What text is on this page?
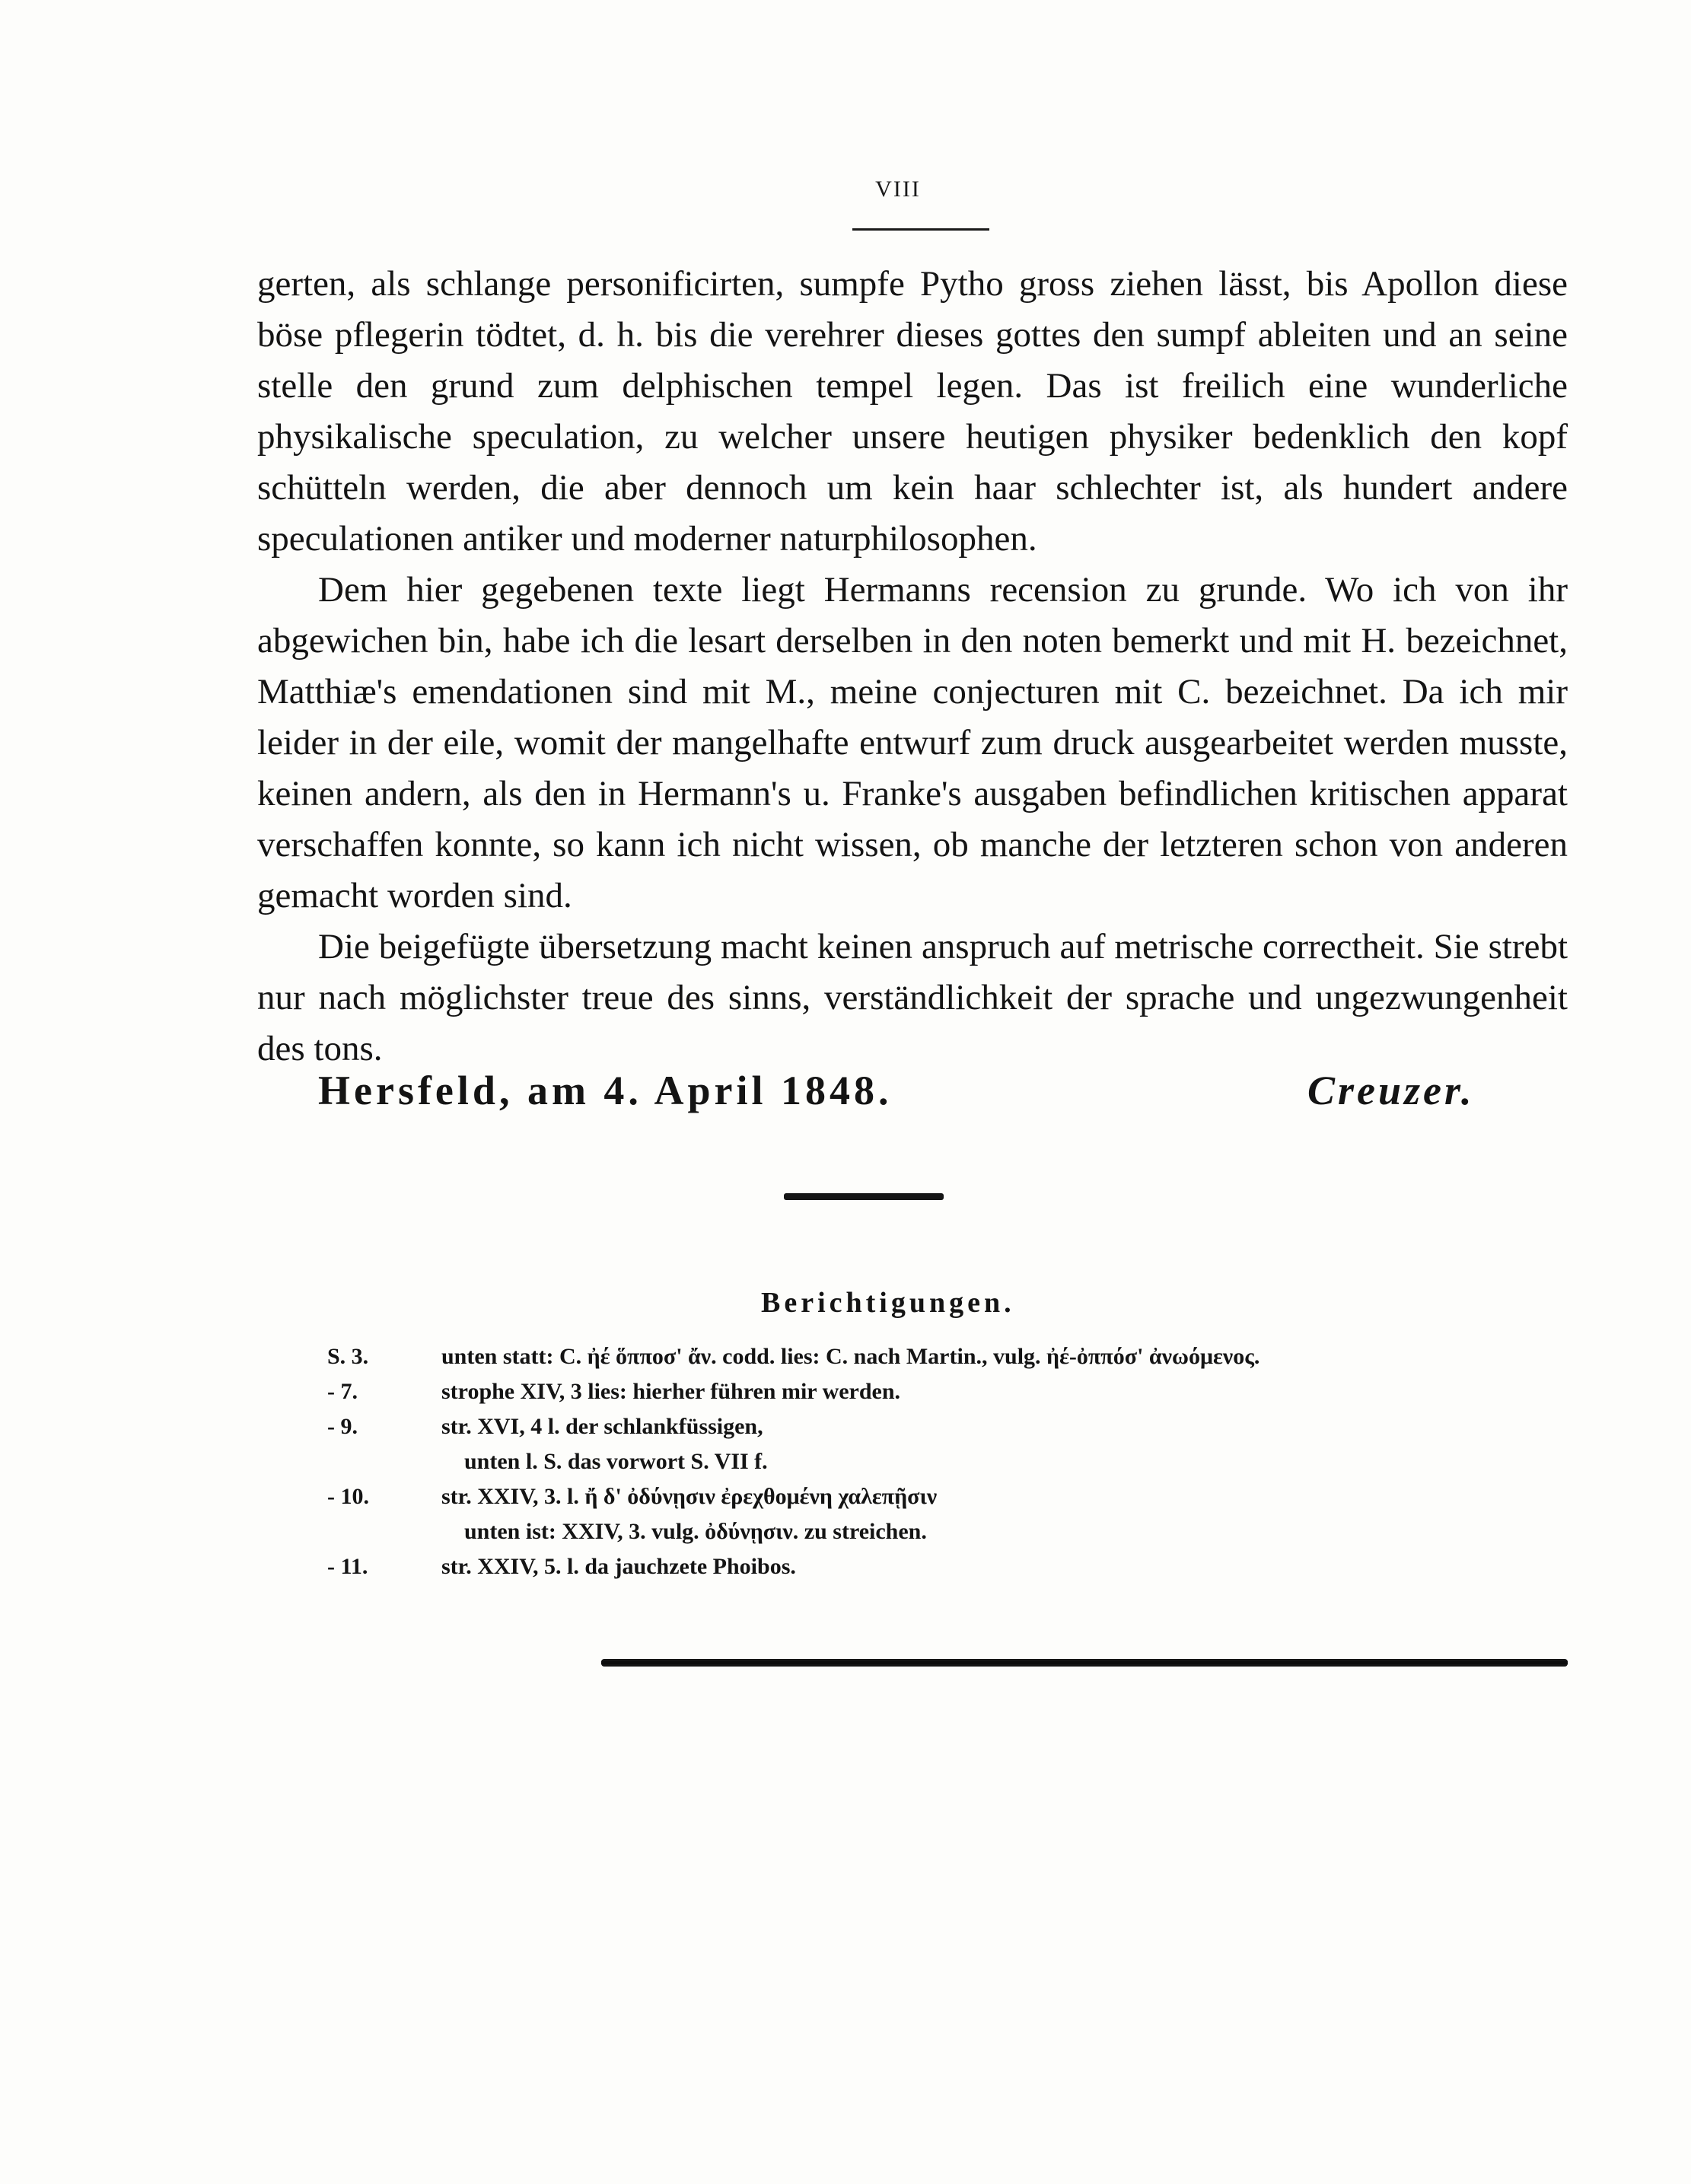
VIII

gerten, als schlange personificirten, sumpfe Pytho gross ziehen lässt, bis Apollon diese böse pflegerin tödtet, d. h. bis die verehrer dieses gottes den sumpf ableiten und an seine stelle den grund zum delphischen tempel legen. Das ist freilich eine wunderliche physikalische speculation, zu welcher unsere heutigen physiker bedenklich den kopf schütteln werden, die aber dennoch um kein haar schlechter ist, als hundert andere speculationen antiker und moderner naturphilosophen.

Dem hier gegebenen texte liegt Hermanns recension zu grunde. Wo ich von ihr abgewichen bin, habe ich die lesart derselben in den noten bemerkt und mit H. bezeichnet, Matthiæ's emendationen sind mit M., meine conjecturen mit C. bezeichnet. Da ich mir leider in der eile, womit der mangelhafte entwurf zum druck ausgearbeitet werden musste, keinen andern, als den in Hermann's u. Franke's ausgaben befindlichen kritischen apparat verschaffen konnte, so kann ich nicht wissen, ob manche der letzteren schon von anderen gemacht worden sind.

Die beigefügte übersetzung macht keinen anspruch auf metrische correctheit. Sie strebt nur nach möglichster treue des sinns, verständlichkeit der sprache und ungezwungenheit des tons.

Hersfeld, am 4. April 1848.	Creuzer.
Berichtigungen.
S. 3.	unten statt: C. ἠέ ὅπποσ' ἄν. codd. lies: C. nach Martin., vulg. ἠέ-ὀππόσ' ἀνωόμενος.
- 7.	strophe XIV, 3 lies: hierher führen mir werden.
- 9.	str. XVI, 4 l. der schlankfüssigen,
unten l. S. das vorwort S. VII f.
- 10.	str. XXIV, 3. l. ἤ δ' ὀδύνῃσιν ἐρεχθομένη χαλεπῇσιν
unten ist: XXIV, 3. vulg. ὀδύνῃσιν. zu streichen.
- 11.	str. XXIV, 5. l. da jauchzete Phoibos.
